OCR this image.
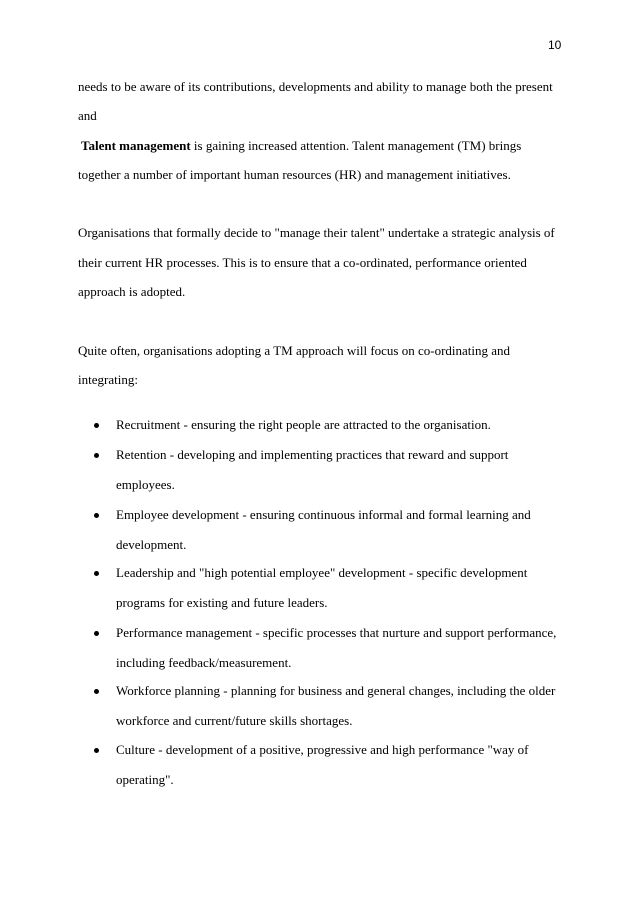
10
needs to be aware of its contributions, developments and ability to manage both the present
and
Talent management is gaining increased attention. Talent management (TM) brings
together a number of important human resources (HR) and management initiatives.
Organisations that formally decide to "manage their talent" undertake a strategic analysis of
their current HR processes. This is to ensure that a co-ordinated, performance oriented
approach is adopted.
Quite often, organisations adopting a TM approach will focus on co-ordinating and
integrating:
Recruitment - ensuring the right people are attracted to the organisation.
Retention - developing and implementing practices that reward and support
employees.
Employee development - ensuring continuous informal and formal learning and
development.
Leadership and "high potential employee" development - specific development
programs for existing and future leaders.
Performance management - specific processes that nurture and support performance,
including feedback/measurement.
Workforce planning - planning for business and general changes, including the older
workforce and current/future skills shortages.
Culture - development of a positive, progressive and high performance "way of
operating".
